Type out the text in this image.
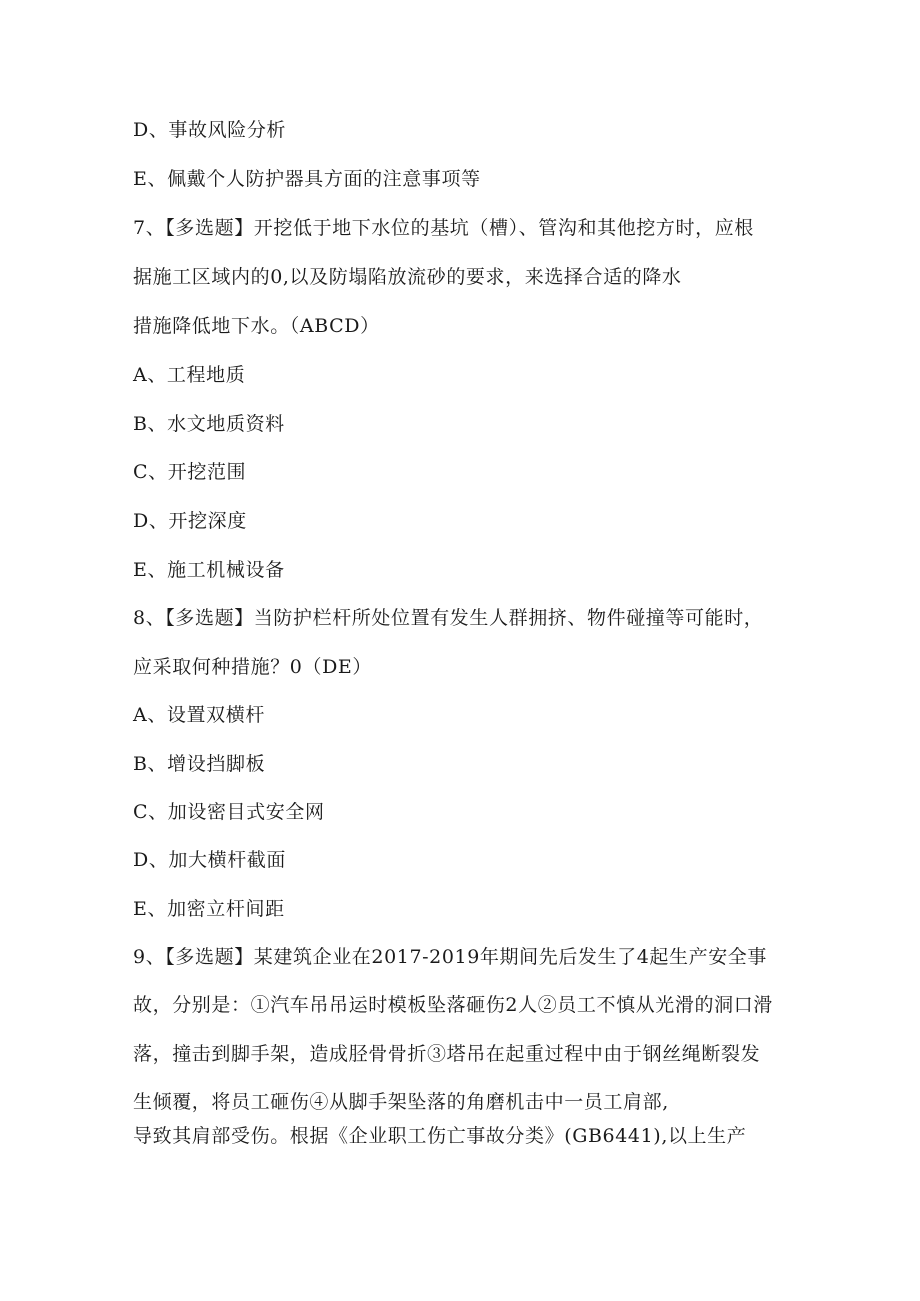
D、事故风险分析
E、佩戴个人防护器具方面的注意事项等
7、【多选题】开挖低于地下水位的基坑（槽）、管沟和其他挖方时，应根
据施工区域内的0,以及防塌陷放流砂的要求，来选择合适的降水
措施降低地下水。（ABCD）
A、工程地质
B、水文地质资料
C、开挖范围
D、开挖深度
E、施工机械设备
8、【多选题】当防护栏杆所处位置有发生人群拥挤、物件碰撞等可能时，
应采取何种措施？0（DE）
A、设置双横杆
B、增设挡脚板
C、加设密目式安全网
D、加大横杆截面
E、加密立杆间距
9、【多选题】某建筑企业在2017-2019年期间先后发生了4起生产安全事
故，分别是：①汽车吊吊运时模板坠落砸伤2人②员工不慎从光滑的洞口滑
落，撞击到脚手架，造成胫骨骨折③塔吊在起重过程中由于钢丝绳断裂发
生倾覆，将员工砸伤④从脚手架坠落的角磨机击中一员工肩部,
导致其肩部受伤。根据《企业职工伤亡事故分类》(GB6441),以上生产
